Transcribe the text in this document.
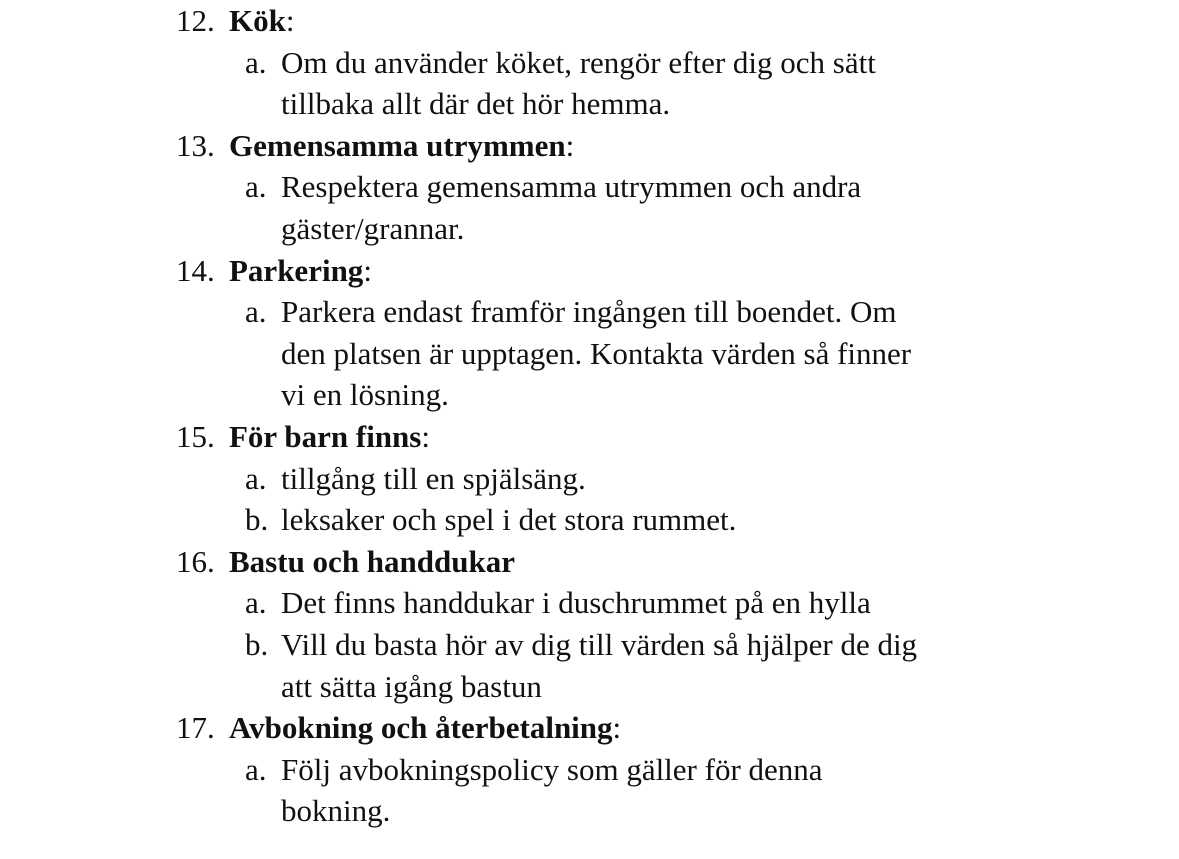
12. Kök:
a. Om du använder köket, rengör efter dig och sätt
tillbaka allt där det hör hemma.
13. Gemensamma utrymmen:
a. Respektera gemensamma utrymmen och andra
gäster/grannar.
14. Parkering:
a. Parkera endast framför ingången till boendet. Om
den platsen är upptagen. Kontakta värden så finner
vi en lösning.
15. För barn finns:
a. tillgång till en spjälsäng.
b. leksaker och spel i det stora rummet.
16. Bastu och handdukar
a. Det finns handdukar i duschrummet på en hylla
b. Vill du basta hör av dig till värden så hjälper de dig
att sätta igång bastun
17. Avbokning och återbetalning:
a. Följ avbokningspolicy som gäller för denna
bokning.
